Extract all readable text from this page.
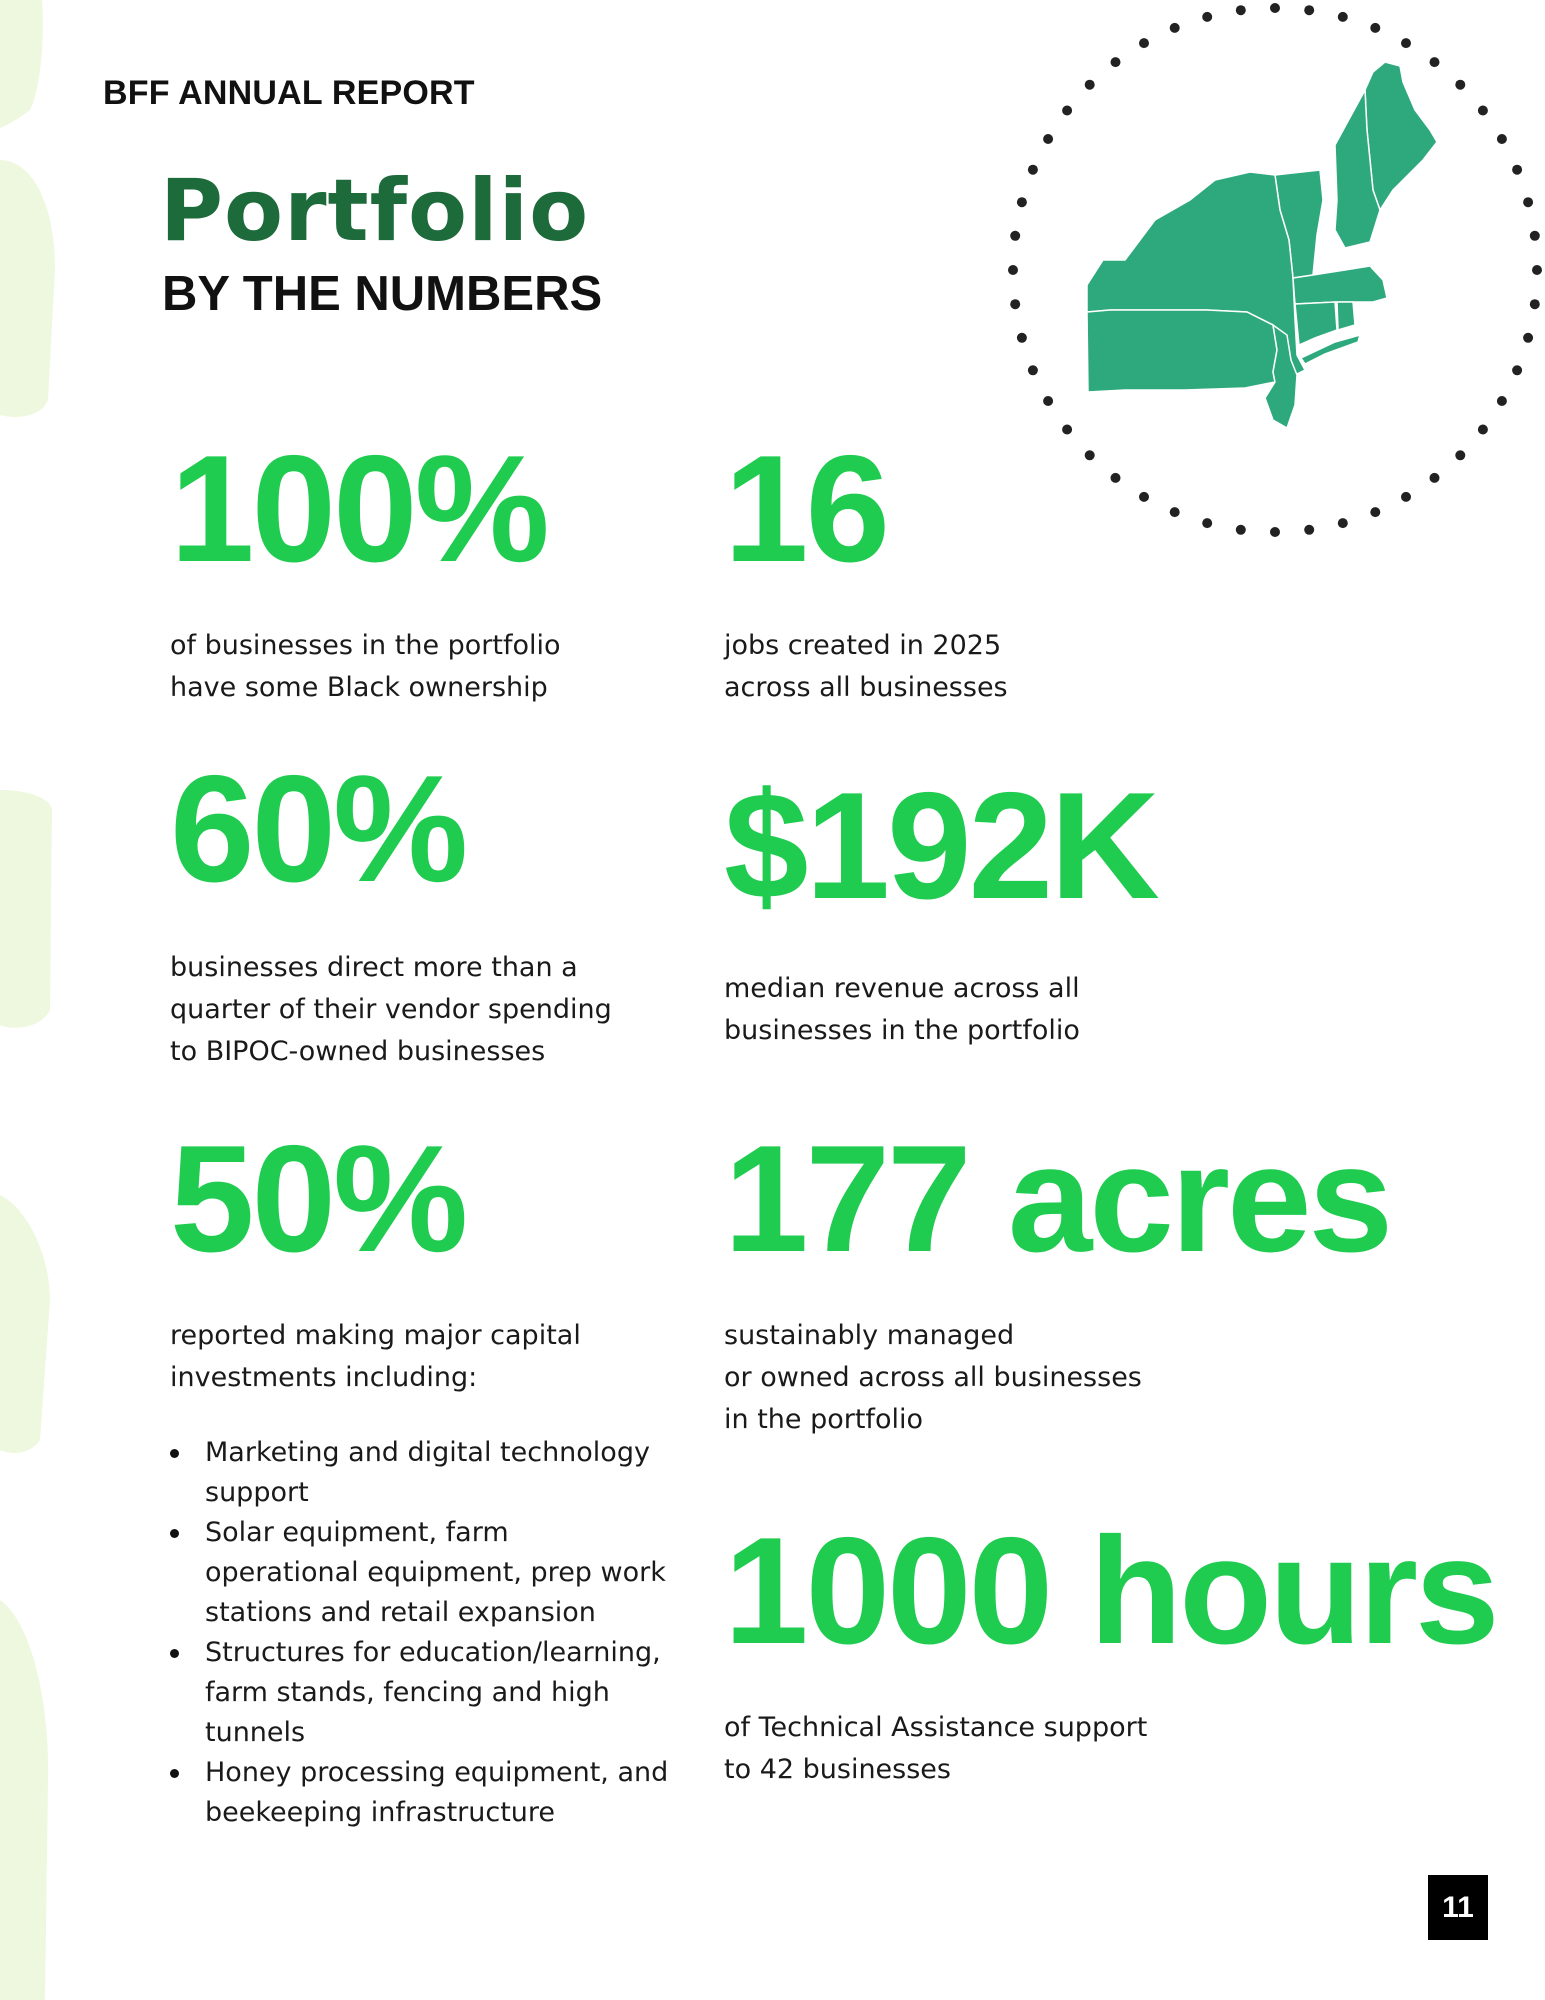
BFF ANNUAL REPORT
Portfolio
BY THE NUMBERS
100%
of businesses in the portfolio
have some Black ownership
16
jobs created in 2025
across all businesses
60%
businesses direct more than a
quarter of their vendor spending
to BIPOC-owned businesses
$192K
median revenue across all
businesses in the portfolio
50%
reported making major capital
investments including:
177 acres
sustainably managed
or owned across all businesses
in the portfolio
1000 hours
of Technical Assistance support
to 42 businesses
Marketing and digital technology support
Solar equipment, farm operational equipment, prep work stations and retail expansion
Structures for education/learning, farm stands, fencing and high tunnels
Honey processing equipment, and beekeeping infrastructure
11
